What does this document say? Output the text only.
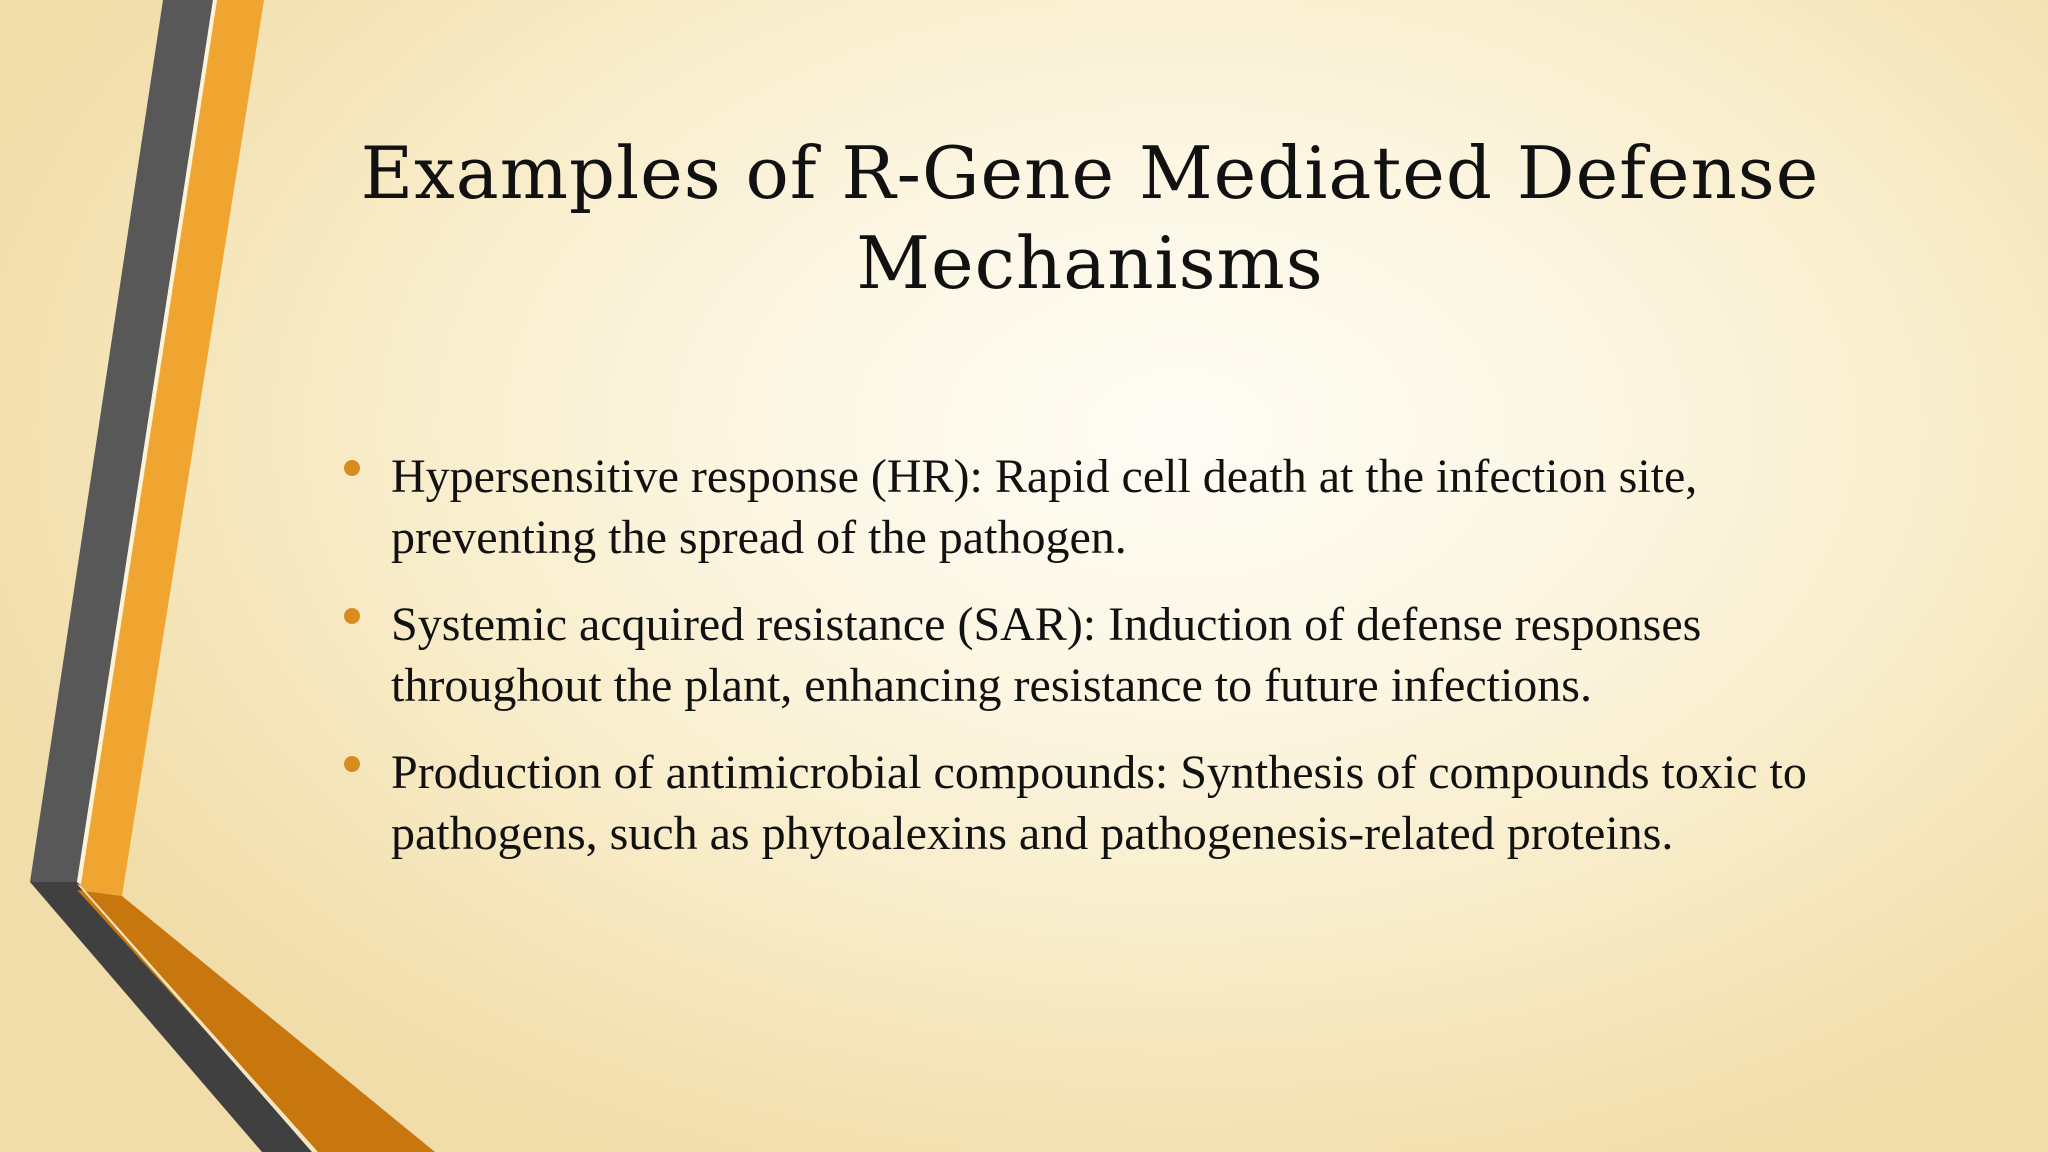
Examples of R-Gene Mediated Defense
Mechanisms
Hypersensitive response (HR): Rapid cell death at the infection site, preventing the spread of the pathogen.
Systemic acquired resistance (SAR): Induction of defense responses throughout the plant, enhancing resistance to future infections.
Production of antimicrobial compounds: Synthesis of compounds toxic to pathogens, such as phytoalexins and pathogenesis-related proteins.
